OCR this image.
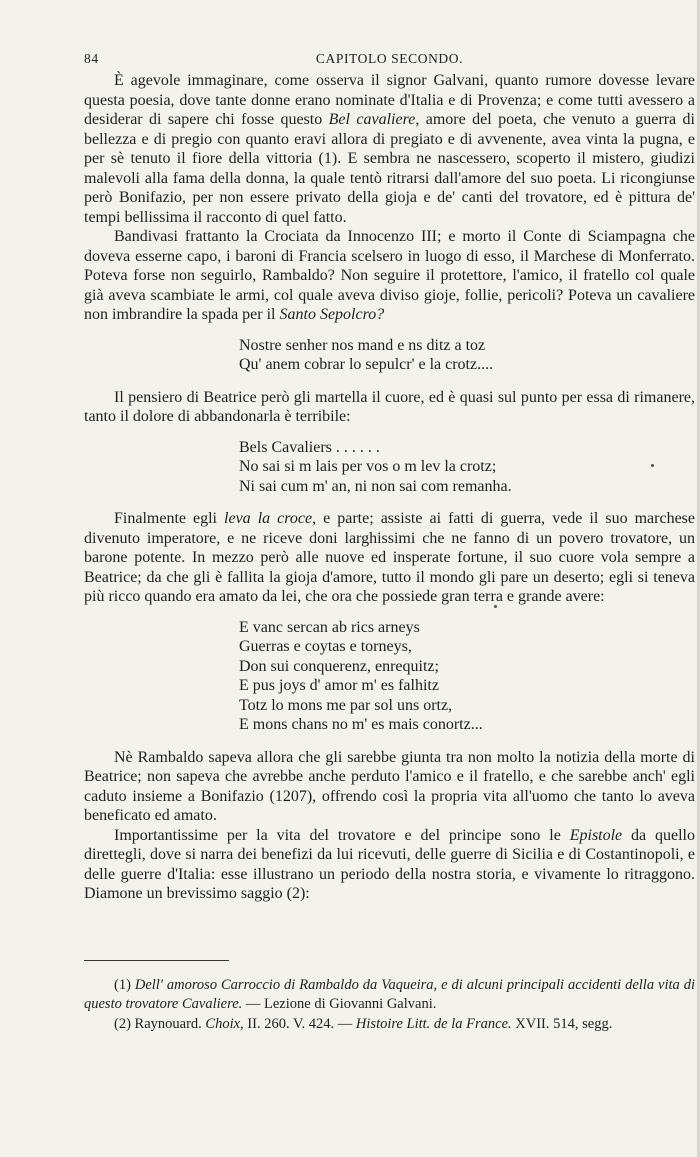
84	CAPITOLO SECONDO.

È agevole immaginare, come osserva il signor Galvani, quanto rumore dovesse levare questa poesia, dove tante donne erano nominate d'Italia e di Provenza; e come tutti avessero a desiderar di sapere chi fosse questo Bel cavaliere, amore del poeta, che venuto a guerra di bellezza e di pregio con quanto eravi allora di pregiato e di avvenente, avea vinta la pugna, e per sè tenuto il fiore della vittoria (1). E sembra ne nascessero, scoperto il mistero, giudizi malevoli alla fama della donna, la quale tentò ritrarsi dall'amore del suo poeta. Li ricongiunse però Bonifazio, per non essere privato della gioja e de' canti del trovatore, ed è pittura de' tempi bellissima il racconto di quel fatto.

Bandivasi frattanto la Crociata da Innocenzo III; e morto il Conte di Sciampagna che doveva esserne capo, i baroni di Francia scelsero in luogo di esso, il Marchese di Monferrato. Poteva forse non seguirlo, Rambaldo? Non seguire il protettore, l'amico, il fratello col quale già aveva scambiate le armi, col quale aveva diviso gioje, follie, pericoli? Poteva un cavaliere non imbrandire la spada per il Santo Sepolcro?

Nostre senher nos mand e ns ditz a toz
Qu' anem cobrar lo sepulcr' e la crotz....

Il pensiero di Beatrice però gli martella il cuore, ed è quasi sul punto per essa di rimanere, tanto il dolore di abbandonarla è terribile:

Bels Cavaliers . . . . . .
No sai si m lais per vos o m lev la crotz;
Ni sai cum m' an, ni non sai com remanha.

Finalmente egli leva la croce, e parte; assiste ai fatti di guerra, vede il suo marchese divenuto imperatore, e ne riceve doni larghissimi che ne fanno di un povero trovatore, un barone potente. In mezzo però alle nuove ed insperate fortune, il suo cuore vola sempre a Beatrice; da che gli è fallita la gioja d'amore, tutto il mondo gli pare un deserto; egli si teneva più ricco quando era amato da lei, che ora che possiede gran terra e grande avere:

E vanc sercan ab rics arneys
Guerras e coytas e torneys,
Don sui conquerenz, enrequitz;
E pus joys d' amor m' es falhitz
Totz lo mons me par sol uns ortz,
E mons chans no m' es mais conortz...

Nè Rambaldo sapeva allora che gli sarebbe giunta tra non molto la notizia della morte di Beatrice; non sapeva che avrebbe anche perduto l'amico e il fratello, e che sarebbe anch' egli caduto insieme a Bonifazio (1207), offrendo così la propria vita all'uomo che tanto lo aveva beneficato ed amato.

Importantissime per la vita del trovatore e del principe sono le Epistole da quello direttegli, dove si narra dei benefizi da lui ricevuti, delle guerre di Sicilia e di Costantinopoli, e delle guerre d'Italia: esse illustrano un periodo della nostra storia, e vivamente lo ritraggono. Diamone un brevissimo saggio (2):

(1) Dell' amoroso Carroccio di Rambaldo da Vaqueira, e di alcuni principali accidenti della vita di questo trovatore Cavaliere. — Lezione di Giovanni Galvani.

(2) Raynouard. Choix, II. 260. V. 424. — Histoire Litt. de la France. XVII. 514, segg.
